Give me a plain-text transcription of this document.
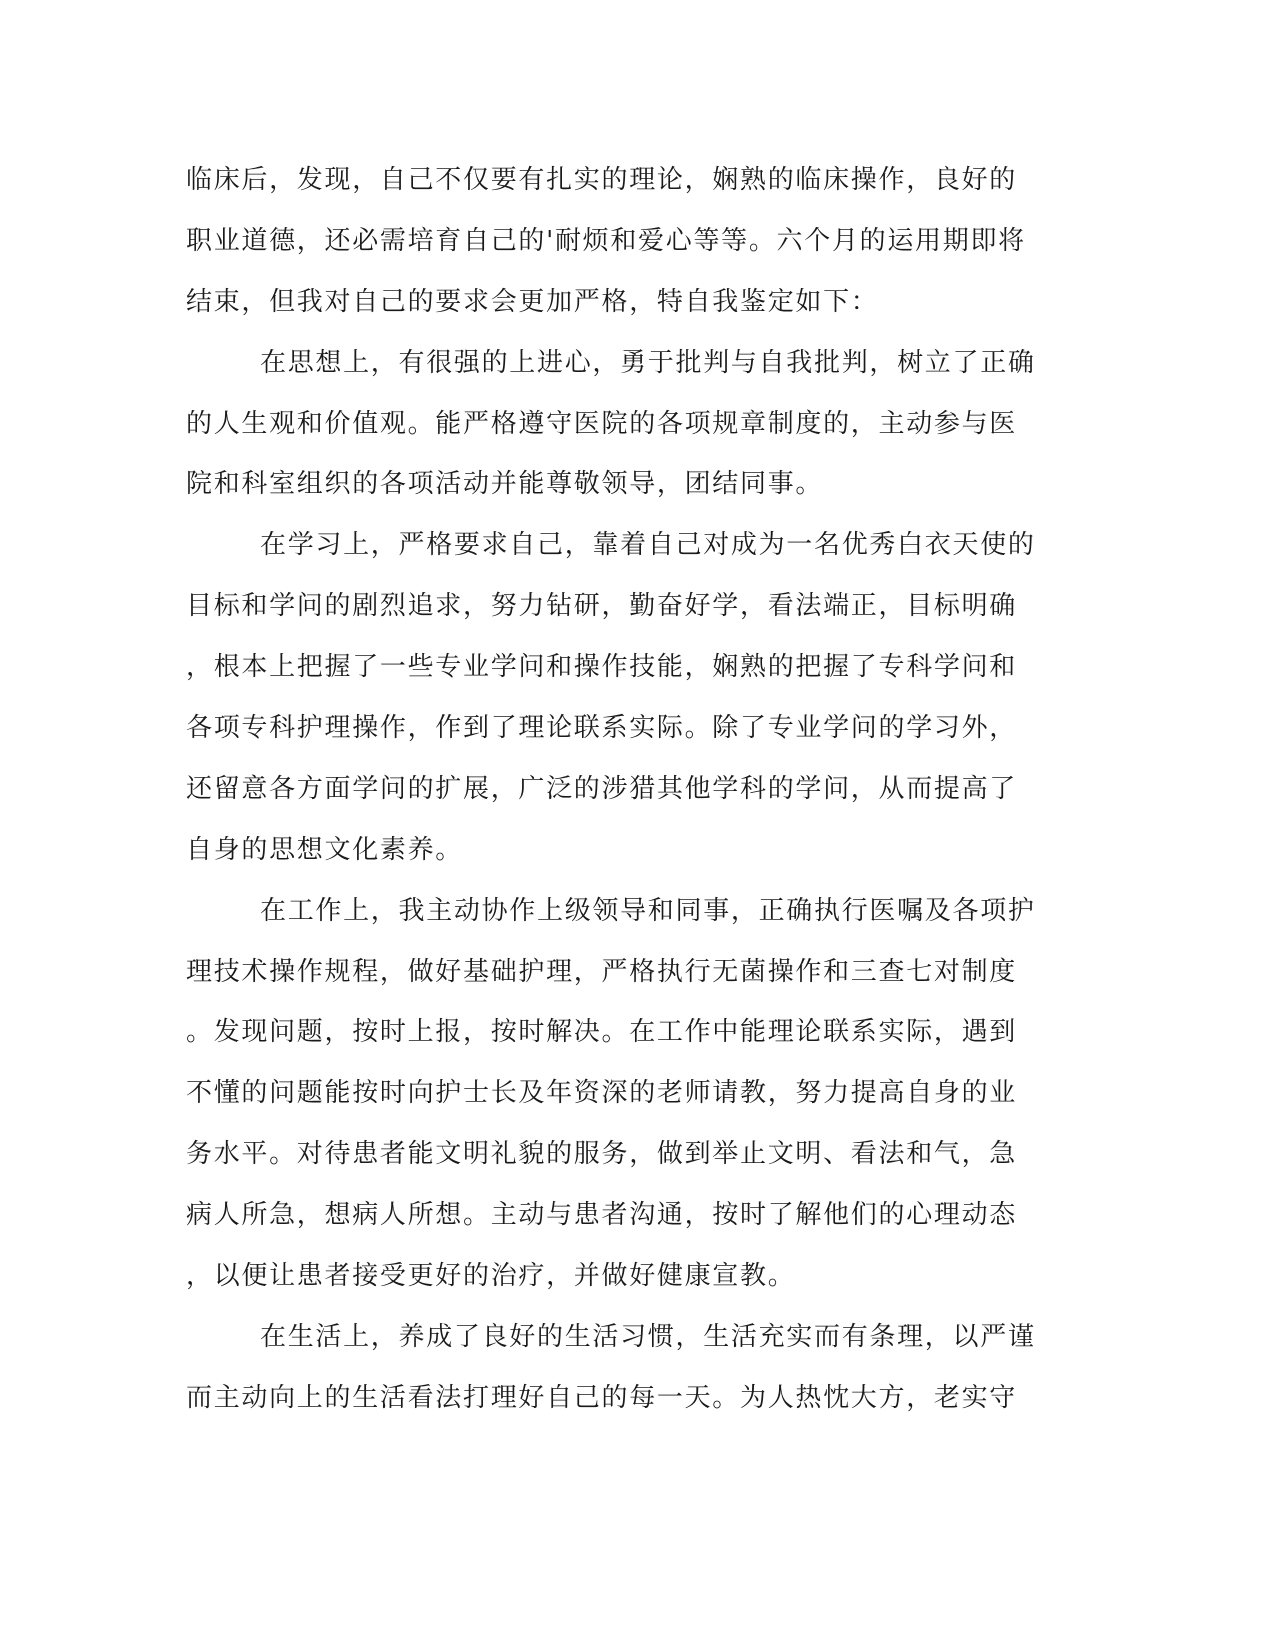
临床后，发现，自己不仅要有扎实的理论，娴熟的临床操作，良好的
职业道德，还必需培育自己的'耐烦和爱心等等。六个月的运用期即将
结束，但我对自己的要求会更加严格，特自我鉴定如下：
在思想上，有很强的上进心，勇于批判与自我批判，树立了正确
的人生观和价值观。能严格遵守医院的各项规章制度的，主动参与医
院和科室组织的各项活动并能尊敬领导，团结同事。
在学习上，严格要求自己，靠着自己对成为一名优秀白衣天使的
目标和学问的剧烈追求，努力钻研，勤奋好学，看法端正，目标明确
，根本上把握了一些专业学问和操作技能，娴熟的把握了专科学问和
各项专科护理操作，作到了理论联系实际。除了专业学问的学习外，
还留意各方面学问的扩展，广泛的涉猎其他学科的学问，从而提高了
自身的思想文化素养。
在工作上，我主动协作上级领导和同事，正确执行医嘱及各项护
理技术操作规程，做好基础护理，严格执行无菌操作和三查七对制度
。发现问题，按时上报，按时解决。在工作中能理论联系实际，遇到
不懂的问题能按时向护士长及年资深的老师请教，努力提高自身的业
务水平。对待患者能文明礼貌的服务，做到举止文明、看法和气，急
病人所急，想病人所想。主动与患者沟通，按时了解他们的心理动态
，以便让患者接受更好的治疗，并做好健康宣教。
在生活上，养成了良好的生活习惯，生活充实而有条理，以严谨
而主动向上的生活看法打理好自己的每一天。为人热忱大方，老实守
